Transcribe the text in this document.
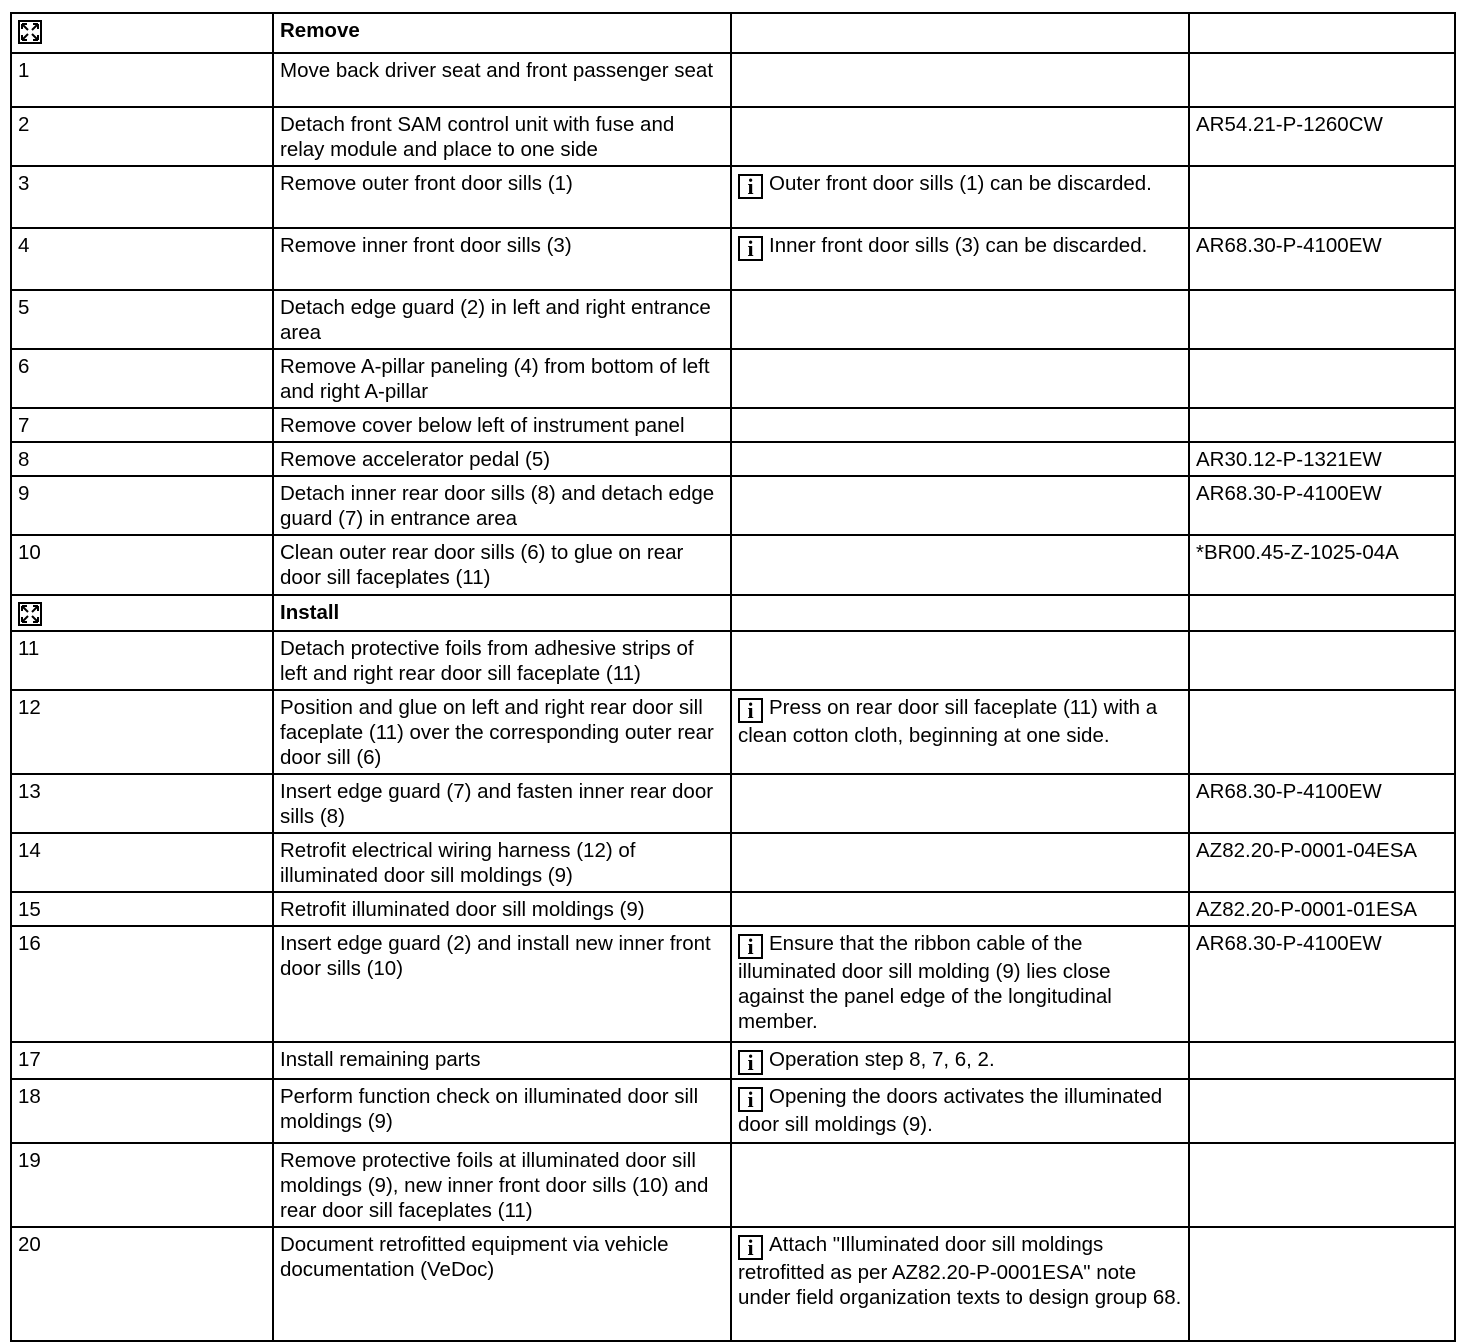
	Remove		
1	Move back driver seat and front passenger seat		
2	Detach front SAM control unit with fuse and relay module and place to one side		AR54.21-P-1260CW
3	Remove outer front door sills (1)	i Outer front door sills (1) can be discarded.	
4	Remove inner front door sills (3)	i Inner front door sills (3) can be discarded.	AR68.30-P-4100EW
5	Detach edge guard (2) in left and right entrance area		
6	Remove A-pillar paneling (4) from bottom of left and right A-pillar		
7	Remove cover below left of instrument panel		
8	Remove accelerator pedal (5)		AR30.12-P-1321EW
9	Detach inner rear door sills (8) and detach edge guard (7) in entrance area		AR68.30-P-4100EW
10	Clean outer rear door sills (6) to glue on rear door sill faceplates (11)		*BR00.45-Z-1025-04A
	Install		
11	Detach protective foils from adhesive strips of left and right rear door sill faceplate (11)		
12	Position and glue on left and right rear door sill faceplate (11) over the corresponding outer rear door sill (6)	i Press on rear door sill faceplate (11) with a clean cotton cloth, beginning at one side.	
13	Insert edge guard (7) and fasten inner rear door sills (8)		AR68.30-P-4100EW
14	Retrofit electrical wiring harness (12) of illuminated door sill moldings (9)		AZ82.20-P-0001-04ESA
15	Retrofit illuminated door sill moldings (9)		AZ82.20-P-0001-01ESA
16	Insert edge guard (2) and install new inner front door sills (10)	i Ensure that the ribbon cable of the illuminated door sill molding (9) lies close against the panel edge of the longitudinal member.	AR68.30-P-4100EW
17	Install remaining parts	i Operation step 8, 7, 6, 2.	
18	Perform function check on illuminated door sill moldings (9)	i Opening the doors activates the illuminated door sill moldings (9).	
19	Remove protective foils at illuminated door sill moldings (9), new inner front door sills (10) and rear door sill faceplates (11)		
20	Document retrofitted equipment via vehicle documentation (VeDoc)	i Attach "Illuminated door sill moldings retrofitted as per AZ82.20-P-0001ESA" note under field organization texts to design group 68.	
